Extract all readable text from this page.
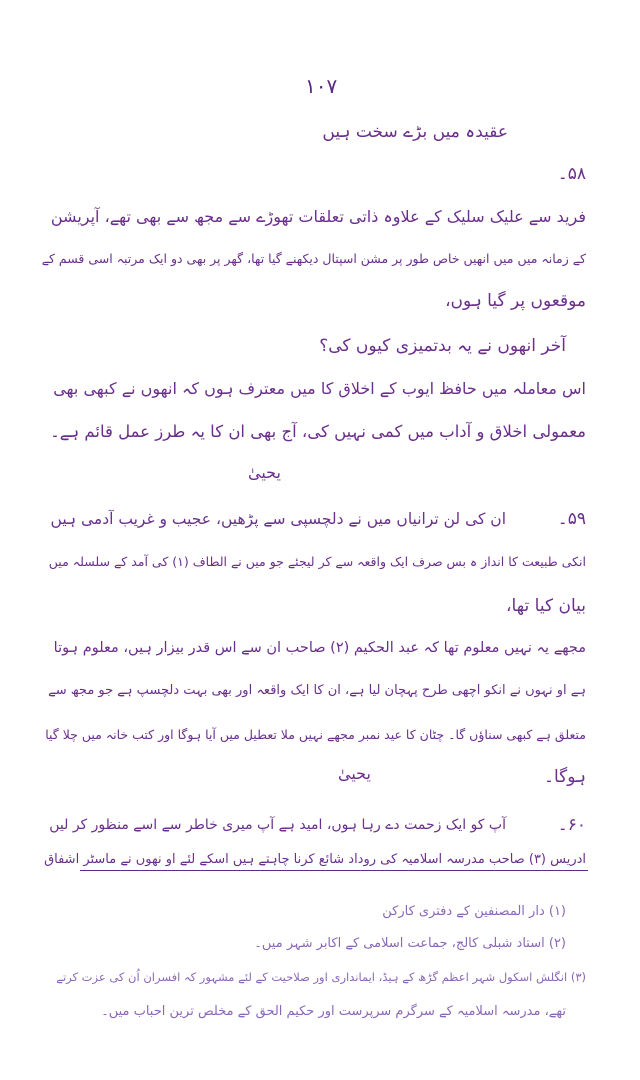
۱۰۷
عقیدہ میں بڑے سخت ہیں
۵۸۔
فرید سے علیک سلیک کے علاوہ ذاتی تعلقات تھوڑے سے مجھ سے بھی تھے، آپریشن
کے زمانہ میں میں انھیں خاص طور پر مشن اسپتال دیکھنے گیا تھا، گھر پر بھی دو ایک مرتبہ اسی قسم کے
موقعوں پر گیا ہوں،
آخر انھوں نے یہ بدتمیزی کیوں کی؟
اس معاملہ میں حافظ ایوب کے اخلاق کا میں معترف ہوں کہ انھوں نے کبھی بھی
معمولی اخلاق و آداب میں کمی نہیں کی، آج بھی ان کا یہ طرز عمل قائم ہے۔
یحییٰ
۵۹۔
ان کی لن ترانیاں میں نے دلچسپی سے پڑھیں، عجیب و غریب آدمی ہیں
انکی طبیعت کا انداز ہ بس صرف ایک واقعہ سے کر لیجئے جو میں نے الطاف (۱) کی آمد کے سلسلہ میں
بیان کیا تھا،
مجھے یہ نہیں معلوم تھا کہ عبد الحکیم (۲) صاحب ان سے اس قدر بیزار ہیں، معلوم ہوتا
ہے او نہوں نے انکو اچھی طرح پہچان لیا ہے، ان کا ایک واقعہ اور بھی بہت دلچسپ ہے جو مجھ سے
متعلق ہے کبھی سناؤں گا۔ چٹان کا عید نمبر مجھے نہیں ملا تعطیل میں آیا ہوگا اور کتب خانہ میں چلا گیا
ہوگا۔
یحییٰ
۶۰۔
آپ کو ایک زحمت دے رہا ہوں، امید ہے آپ میری خاطر سے اسے منظور کر لیں
ادریس (۳) صاحب مدرسہ اسلامیہ کی روداد شائع کرنا چاہتے ہیں اسکے لئے او نھوں نے ماسٹر اشفاق
(۱) دار المصنفین کے دفتری کارکن
(۲) استاد شبلی کالج، جماعت اسلامی کے اکابر شہر میں۔
(۳) انگلش اسکول شہر اعظم گڑھ کے ہیڈ، ایمانداری اور صلاحیت کے لئے مشہور کہ افسران اُن کی عزت کرتے
تھے، مدرسہ اسلامیہ کے سرگرم سرپرست اور حکیم الحق کے مخلص ترین احباب میں۔
